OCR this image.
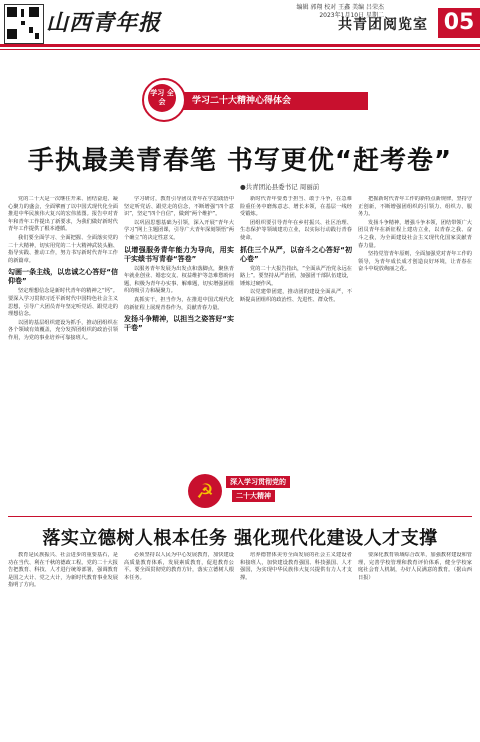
山西青年报
编辑 郭翔 校对 王鑫 美编 吕荣杰
2023年1月10日 星期二
共青团阅览室 05
学习二十大精神心得体会
学习 全会
手执最美青春笔 书写更优“赶考卷”
●共青团沁县委书记 周丽前

党的二十大是一次继往开来、团结奋进、凝心聚力的盛会，全面擘画了以中国式现代化全面推进中华民族伟大复兴的宏伟蓝图。报告中对青年和青年工作提出了新要求，为我们做好新时代青年工作提供了根本遵循。

我们要全面学习、全面把握、全面落实党的二十大精神，切实用党的二十大精神武装头脑、指导实践、推动工作，努力书写新时代青年工作的新篇章。

勾画一条主线，以忠诚之心答好“信仰卷”

坚定理想信念是新时代青年的精神之“钙”。要深入学习贯彻习近平新时代中国特色社会主义思想，引导广大团员青年坚定听党话、跟党走的理想信念。

以团的基层组织建设为抓手，推动团组织在各个领域有效覆盖，充分发挥团组织的政治引领作用，为党的事业培养可靠接班人。

学习研讨，教育引导团员青年在学思践悟中坚定听党话、跟党走的信念，不断增强“四个意识”，坚定“四个自信”，做到“两个维护”。

以巩固思想基础为引领，深入开展“青年大学习”网上主题团课，引导广大青年深刻领悟“两个确立”的决定性意义。

以增强服务青年能力为导向，用实干实绩书写青春“答卷”

以服务青年发展为出发点和落脚点，聚焦青年就业创业、婚恋交友、权益维护等急难愁盼问题，积极为青年办实事、解难题，切实增强团组织的吸引力和凝聚力。

真抓实干，担当作为，在推进中国式现代化的新征程上展现青春作为，贡献青春力量。

发扬斗争精神，以担当之姿答好“实干卷”

新时代青年要勇于担当、敢于斗争，在急难险重任务中磨炼意志、增长本领，在基层一线经受锻炼。

团组织要引导青年在乡村振兴、社区治理、生态保护等领域建功立业，以实际行动践行青春使命。

抓住三个从严，以奋斗之心答好“初心卷”

党的二十大报告指出，“全面从严治党永远在路上”。要坚持从严治团，加强团干部队伍建设，锤炼过硬作风。

以党建带团建，推动团的建设全面从严，不断提高团组织的政治性、先进性、群众性。

把握新时代青年工作的新特点新规律，坚持守正创新，不断增强团组织的引领力、组织力、服务力。

发扬斗争精神，增强斗争本领，团结带领广大团员青年在新征程上建功立业，以青春之我、奋斗之我，为全面建设社会主义现代化国家贡献青春力量。

坚持党管青年原则，全面加强党对青年工作的领导，为青年成长成才创造良好环境，让青春在奋斗中绽放绚丽之花。

☭	深入学习贯彻党的
二十大精神
落实立德树人根本任务 强化现代化建设人才支撑

教育是民族振兴、社会进步的重要基石，是功在当代、利在千秋的德政工程。党的二十大报告把教育、科技、人才进行统筹部署，强调教育是国之大计、党之大计，为新时代教育事业发展指明了方向。

必须坚持以人民为中心发展教育，加快建设高质量教育体系，发展素质教育，促进教育公平。要全面贯彻党的教育方针，落实立德树人根本任务。

培养德智体美劳全面发展的社会主义建设者和接班人，加快建设教育强国、科技强国、人才强国，为实现中华民族伟大复兴提供有力人才支撑。

要深化教育领域综合改革，加强教材建设和管理，完善学校管理和教育评价体系，健全学校家庭社会育人机制，办好人民满意的教育。（据山西日报）
